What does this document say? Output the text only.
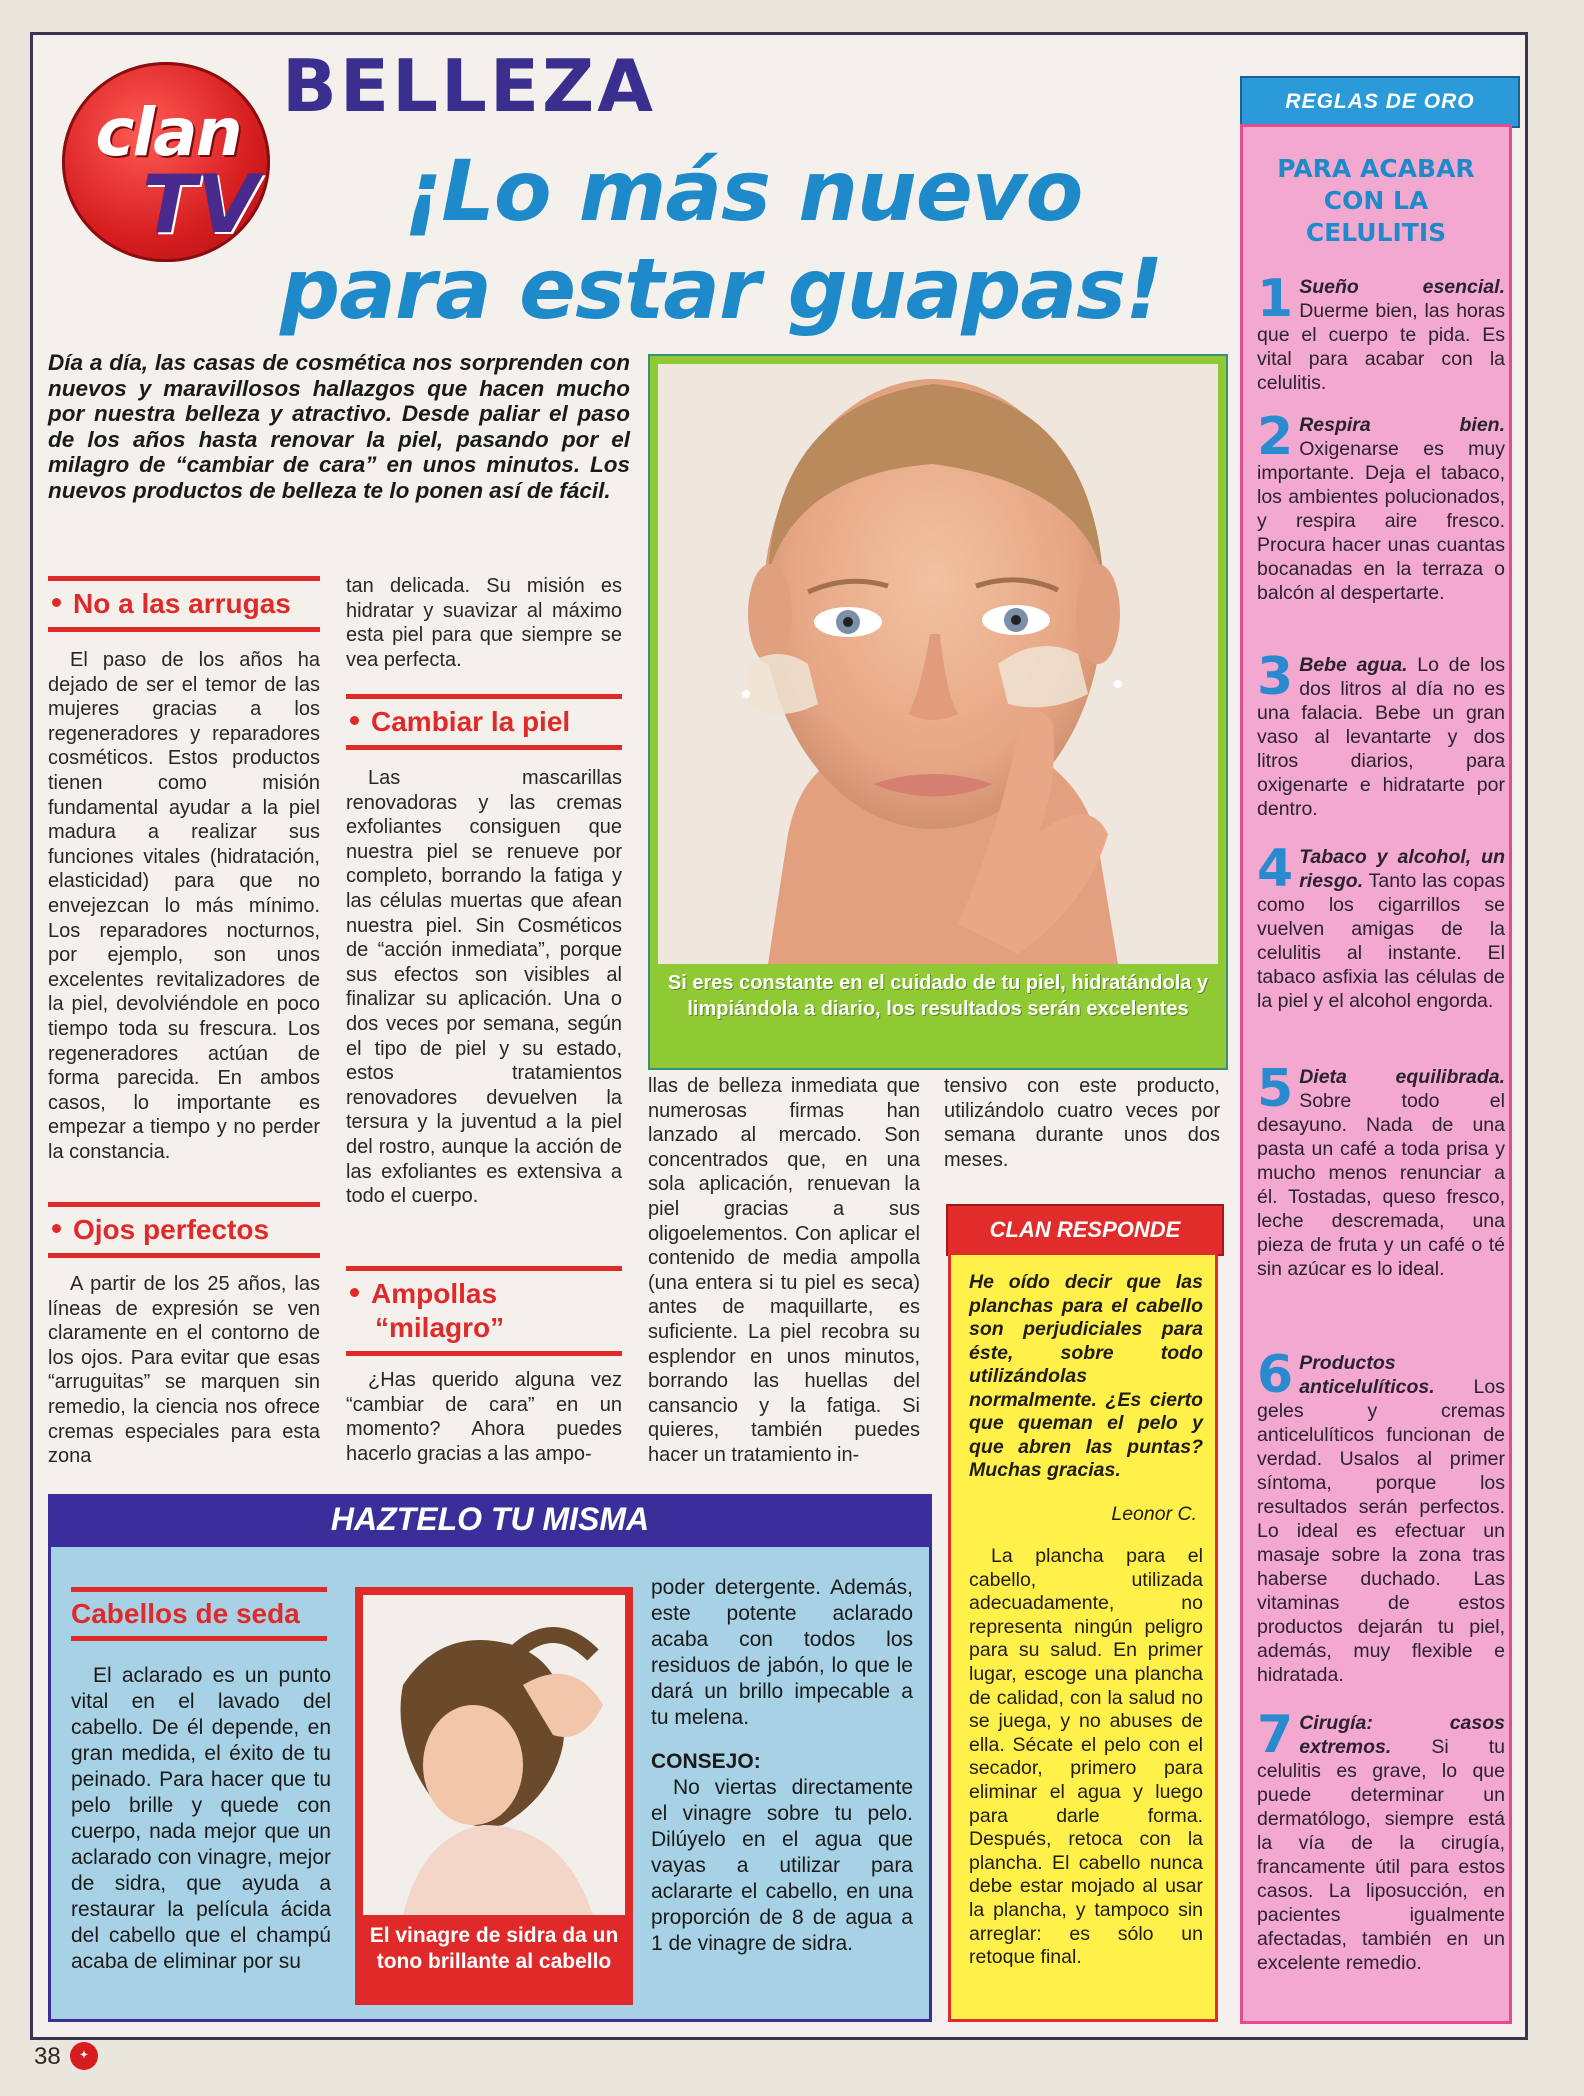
clan
TV
BELLEZA
¡Lo más nuevo
para estar guapas!
Día a día, las casas de cosmética nos sorprenden con nuevos y maravillosos hallazgos que hacen mucho por nuestra belleza y atractivo. Desde paliar el paso de los años hasta renovar la piel, pasando por el milagro de “cambiar de cara” en unos minutos. Los nuevos productos de belleza te lo ponen así de fácil.
No a las arrugas

El paso de los años ha dejado de ser el temor de las mujeres gracias a los regeneradores y reparadores cosméticos. Estos productos tienen como misión fundamental ayudar a la piel madura a realizar sus funciones vitales (hidratación, elasticidad) para que no envejezcan lo más mínimo. Los reparadores nocturnos, por ejemplo, son unos excelentes revitalizadores de la piel, devolviéndole en poco tiempo toda su frescura. Los regeneradores actúan de forma parecida. En ambos casos, lo importante es empezar a tiempo y no perder la constancia.

Ojos perfectos

A partir de los 25 años, las líneas de expresión se ven claramente en el contorno de los ojos. Para evitar que esas “arruguitas” se marquen sin remedio, la ciencia nos ofrece cremas especiales para esta zona

tan delicada. Su misión es hidratar y suavizar al máximo esta piel para que siempre se vea perfecta.

Cambiar la piel

Las mascarillas renovadoras y las cremas exfoliantes consiguen que nuestra piel se renueve por completo, borrando la fatiga y las células muertas que afean nuestra piel. Sin Cosméticos de “acción inmediata”, porque sus efectos son visibles al finalizar su aplicación. Una o dos veces por semana, según el tipo de piel y su estado, estos tratamientos renovadores devuelven la tersura y la juventud a la piel del rostro, aunque la acción de las exfoliantes es extensiva a todo el cuerpo.

Ampollas
“milagro”

¿Has querido alguna vez “cambiar de cara” en un momento? Ahora puedes hacerlo gracias a las ampo-

llas de belleza inmediata que numerosas firmas han lanzado al mercado. Son concentrados que, en una sola aplicación, renuevan la piel gracias a sus oligoelementos. Con aplicar el contenido de media ampolla (una entera si tu piel es seca) antes de maquillarte, es suficiente. La piel recobra su esplendor en unos minutos, borrando las huellas del cansancio y la fatiga. Si quieres, también puedes hacer un tratamiento in-

tensivo con este producto, utilizándolo cuatro veces por semana durante unos dos meses.

Si eres constante en el cuidado de tu piel, hidratándola y limpiándola a diario, los resultados serán excelentes
REGLAS DE ORO
PARA ACABAR
CON LA
CELULITIS
1 Sueño esencial. Duerme bien, las horas que el cuerpo te pida. Es vital para acabar con la celulitis.
2 Respira bien. Oxigenarse es muy importante. Deja el tabaco, los ambientes polucionados, y respira aire fresco. Procura hacer unas cuantas bocanadas en la terraza o balcón al despertarte.
3 Bebe agua. Lo de los dos litros al día no es una falacia. Bebe un gran vaso al levantarte y dos litros diarios, para oxigenarte e hidratarte por dentro.
4 Tabaco y alcohol, un riesgo. Tanto las copas como los cigarrillos se vuelven amigas de la celulitis al instante. El tabaco asfixia las células de la piel y el alcohol engorda.
5 Dieta equilibrada. Sobre todo el desayuno. Nada de una pasta un café a toda prisa y mucho menos renunciar a él. Tostadas, queso fresco, leche descremada, una pieza de fruta y un café o té sin azúcar es lo ideal.
6 Productos anticelulíticos. Los geles y cremas anticelulíticos funcionan de verdad. Usalos al primer síntoma, porque los resultados serán perfectos. Lo ideal es efectuar un masaje sobre la zona tras haberse duchado. Las vitaminas de estos productos dejarán tu piel, además, muy flexible e hidratada.
7 Cirugía: casos extremos. Si tu celulitis es grave, lo que puede determinar un dermatólogo, siempre está la vía de la cirugía, francamente útil para estos casos. La liposucción, en pacientes igualmente afectadas, también en un excelente remedio.
CLAN RESPONDE
He oído decir que las planchas para el cabello son perjudiciales para éste, sobre todo utilizándolas normalmente. ¿Es cierto que queman el pelo y que abren las puntas? Muchas gracias.
Leonor C.

La plancha para el cabello, utilizada adecuadamente, no representa ningún peligro para su salud. En primer lugar, escoge una plancha de calidad, con la salud no se juega, y no abuses de ella. Sécate el pelo con el secador, primero para eliminar el agua y luego para darle forma. Después, retoca con la plancha. El cabello nunca debe estar mojado al usar la plancha, y tampoco sin arreglar: es sólo un retoque final.

HAZTELO TU MISMA
Cabellos de seda

El aclarado es un punto vital en el lavado del cabello. De él depende, en gran medida, el éxito de tu peinado. Para hacer que tu pelo brille y quede con cuerpo, nada mejor que un aclarado con vinagre, mejor de sidra, que ayuda a restaurar la película ácida del cabello que el champú acaba de eliminar por su

El vinagre de sidra da un tono brillante al cabello

poder detergente. Además, este potente aclarado acaba con todos los residuos de jabón, lo que le dará un brillo impecable a tu melena.

CONSEJO:

No viertas directamente el vinagre sobre tu pelo. Dilúyelo en el agua que vayas a utilizar para aclararte el cabello, en una proporción de 8 de agua a 1 de vinagre de sidra.

38	✦
